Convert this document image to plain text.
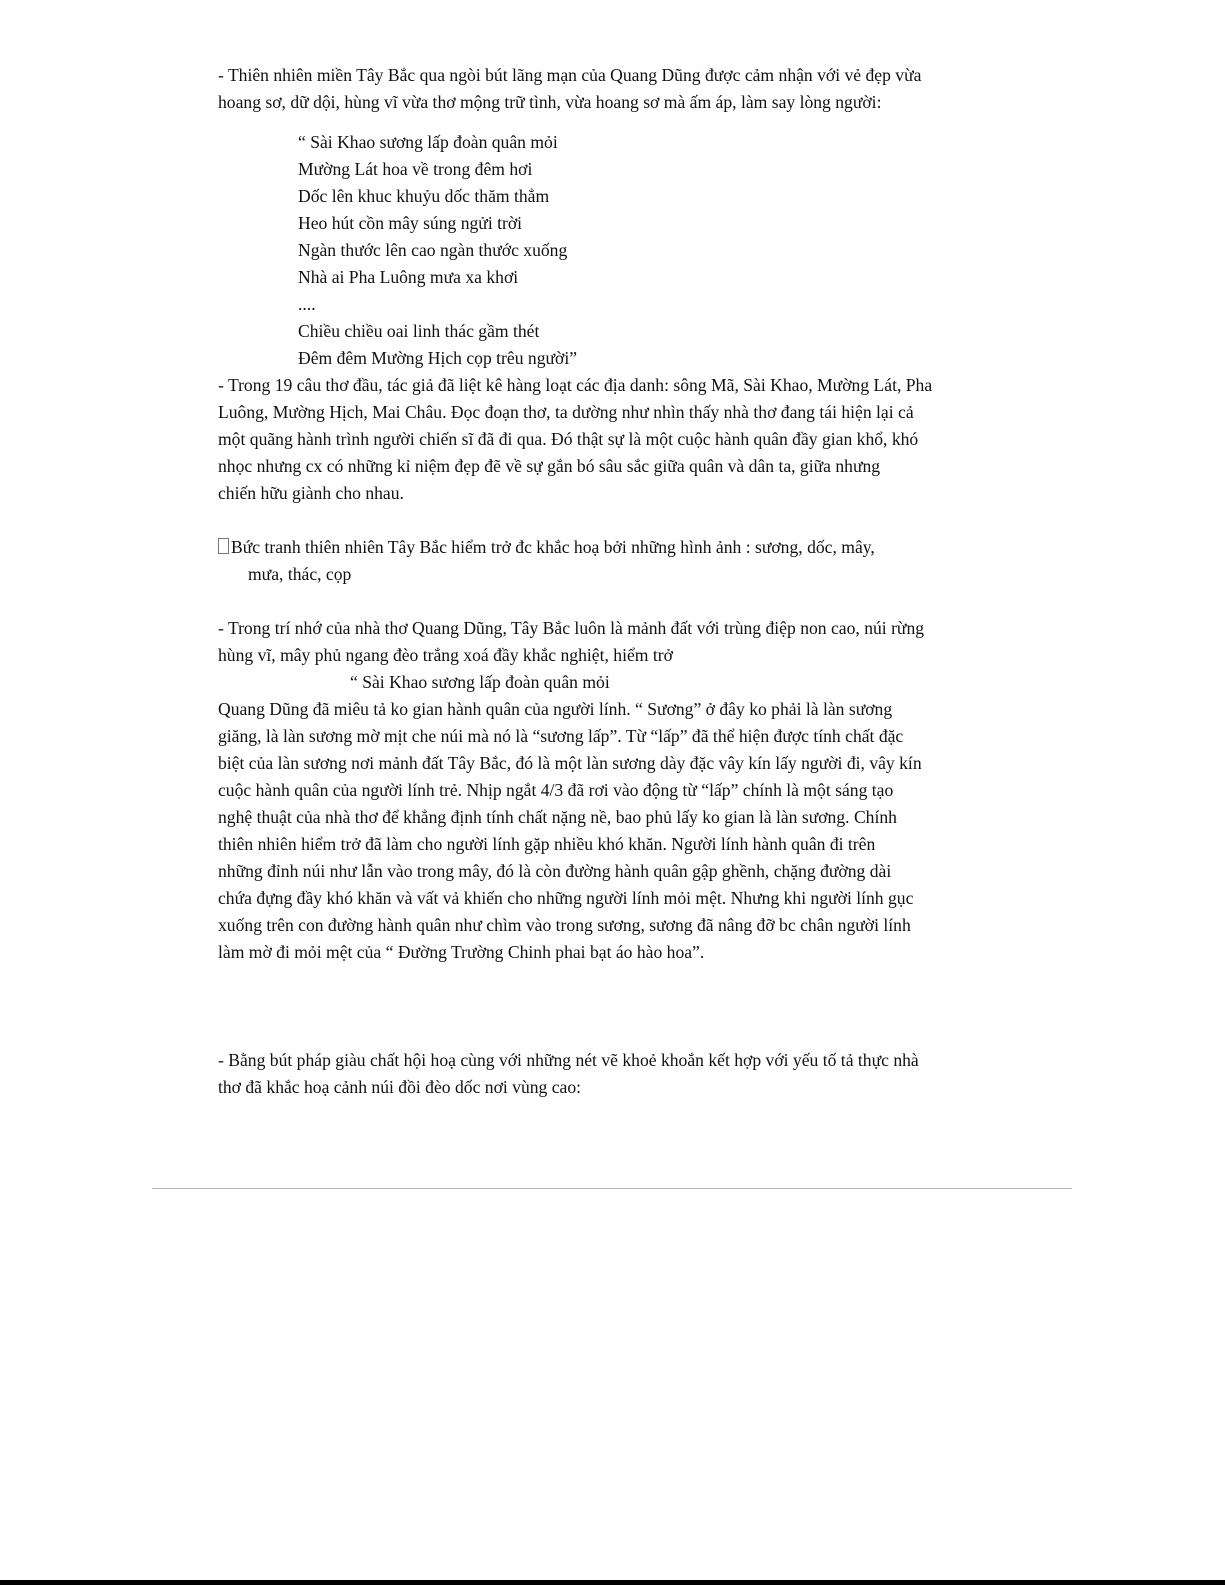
- Thiên nhiên miền Tây Bắc qua ngòi bút lãng mạn của Quang Dũng được cảm nhận với vẻ đẹp vừa
hoang sơ, dữ dội, hùng vĩ vừa thơ mộng trữ tình, vừa hoang sơ mà ấm áp, làm say lòng người:
“ Sài Khao sương lấp đoàn quân mỏi
Mường Lát hoa về trong đêm hơi
Dốc lên khuc khuỷu dốc thăm thẳm
Heo hút cồn mây súng ngửi trời
Ngàn thước lên cao ngàn thước xuống
Nhà ai Pha Luông mưa xa khơi
....
Chiều chiều oai linh thác gầm thét
Đêm đêm Mường Hịch cọp trêu người”
- Trong 19 câu thơ đầu, tác giả đã liệt kê hàng loạt các địa danh: sông Mã, Sài Khao, Mường Lát, Pha
Luông, Mường Hịch, Mai Châu. Đọc đoạn thơ, ta dường như nhìn thấy nhà thơ đang tái hiện lại cả
một quãng hành trình người chiến sĩ đã đi qua. Đó thật sự là một cuộc hành quân đầy gian khổ, khó
nhọc nhưng cx có những kỉ niệm đẹp đẽ về sự gắn bó sâu sắc giữa quân và dân ta, giữa nhưng
chiến hữu giành cho nhau.
Bức tranh thiên nhiên Tây Bắc hiểm trở đc khắc hoạ bởi những hình ảnh : sương, dốc, mây,
mưa, thác, cọp
- Trong trí nhớ của nhà thơ Quang Dũng, Tây Bắc luôn là mảnh đất với trùng điệp non cao, núi rừng
hùng vĩ, mây phủ ngang đèo trắng xoá đầy khắc nghiệt, hiểm trở
“ Sài Khao sương lấp đoàn quân mỏi
Quang Dũng đã miêu tả ko gian hành quân của người lính. “ Sương” ở đây ko phải là làn sương
giăng, là làn sương mờ mịt che núi mà nó là “sương lấp”. Từ “lấp” đã thể hiện được tính chất đặc
biệt của làn sương nơi mảnh đất Tây Bắc, đó là một làn sương dày đặc vây kín lấy người đi, vây kín
cuộc hành quân của người lính trẻ. Nhịp ngắt 4/3 đã rơi vào động từ “lấp” chính là một sáng tạo
nghệ thuật của nhà thơ để khẳng định tính chất nặng nề, bao phủ lấy ko gian là làn sương. Chính
thiên nhiên hiểm trở đã làm cho người lính gặp nhiều khó khăn. Người lính hành quân đi trên
những đỉnh núi như lẫn vào trong mây, đó là còn đường hành quân gập ghềnh, chặng đường dài
chứa đựng đầy khó khăn và vất vả khiến cho những người lính mỏi mệt. Nhưng khi người lính gục
xuống trên con đường hành quân như chìm vào trong sương, sương đã nâng đỡ bc chân người lính
làm mờ đi mỏi mệt của “ Đường Trường Chinh phai bạt áo hào hoa”.
- Bằng bút pháp giàu chất hội hoạ cùng với những nét vẽ khoẻ khoắn kết hợp với yếu tố tả thực nhà
thơ đã khắc hoạ cảnh núi đồi đèo dốc nơi vùng cao:
